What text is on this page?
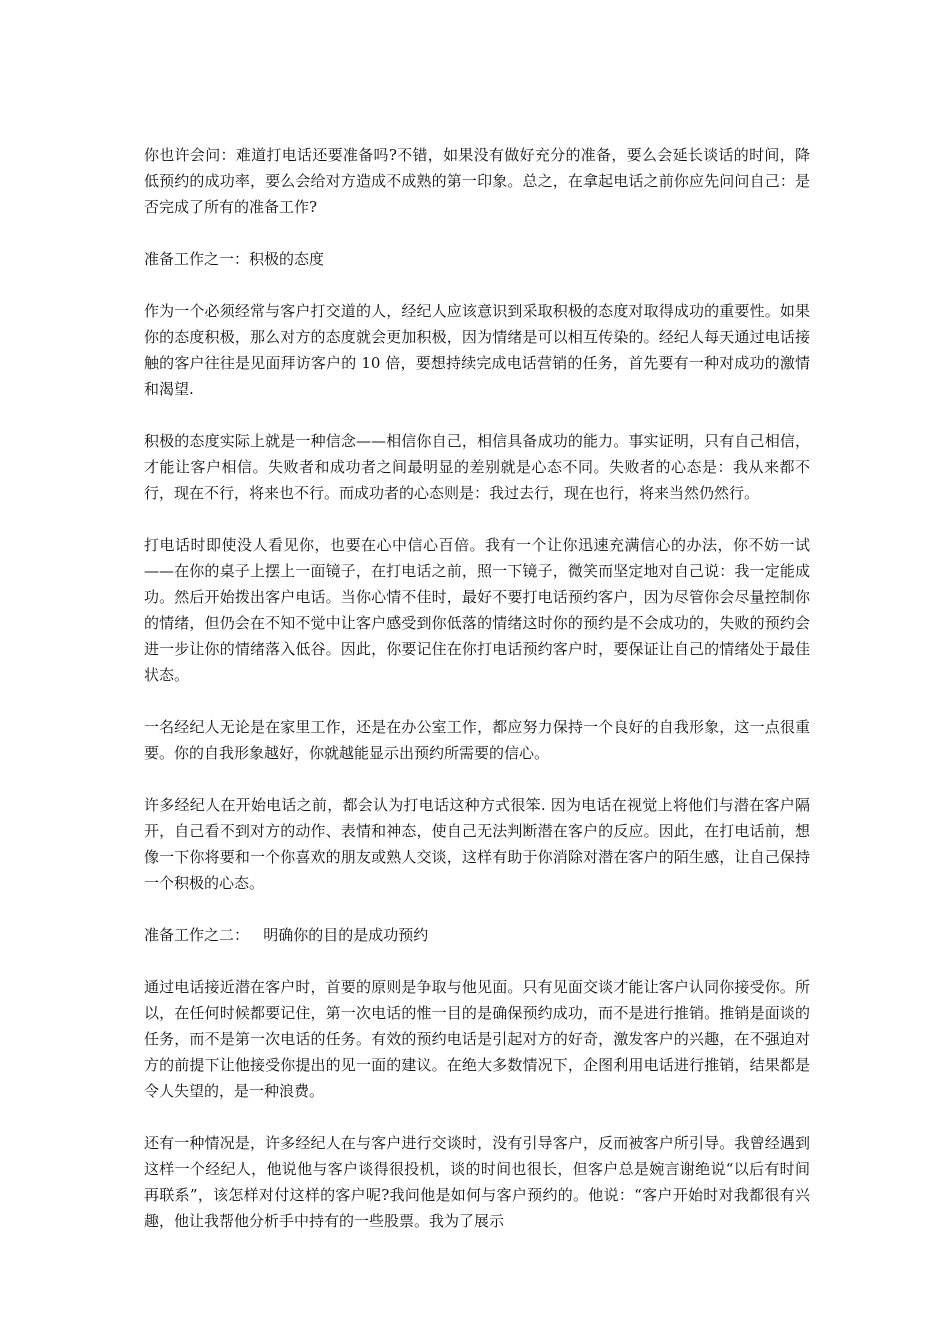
你也许会问：难道打电话还要准备吗?不错，如果没有做好充分的准备，要么会延长谈话的时间，降低预约的成功率，要么会给对方造成不成熟的第一印象。总之，在拿起电话之前你应先问问自己：是否完成了所有的准备工作?

准备工作之一：积极的态度

作为一个必须经常与客户打交道的人，经纪人应该意识到采取积极的态度对取得成功的重要性。如果你的态度积极，那么对方的态度就会更加积极，因为情绪是可以相互传染的。经纪人每天通过电话接触的客户往往是见面拜访客户的 10 倍，要想持续完成电话营销的任务，首先要有一种对成功的激情和渴望.

积极的态度实际上就是一种信念——相信你自己，相信具备成功的能力。事实证明，只有自己相信，才能让客户相信。失败者和成功者之间最明显的差别就是心态不同。失败者的心态是：我从来都不行，现在不行，将来也不行。而成功者的心态则是：我过去行，现在也行，将来当然仍然行。

打电话时即使没人看见你，也要在心中信心百倍。我有一个让你迅速充满信心的办法，你不妨一试——在你的桌子上摆上一面镜子，在打电话之前，照一下镜子，微笑而坚定地对自己说：我一定能成功。然后开始拨出客户电话。当你心情不佳时，最好不要打电话预约客户，因为尽管你会尽量控制你的情绪，但仍会在不知不觉中让客户感受到你低落的情绪这时你的预约是不会成功的，失败的预约会进一步让你的情绪落入低谷。因此，你要记住在你打电话预约客户时，要保证让自己的情绪处于最佳状态。

一名经纪人无论是在家里工作，还是在办公室工作，都应努力保持一个良好的自我形象，这一点很重要。你的自我形象越好，你就越能显示出预约所需要的信心。

许多经纪人在开始电话之前，都会认为打电话这种方式很笨. 因为电话在视觉上将他们与潜在客户隔开，自己看不到对方的动作、表情和神态，使自己无法判断潜在客户的反应。因此，在打电话前，想像一下你将要和一个你喜欢的朋友或熟人交谈，这样有助于你消除对潜在客户的陌生感，让自己保持一个积极的心态。

准备工作之二：   明确你的目的是成功预约

通过电话接近潜在客户时，首要的原则是争取与他见面。只有见面交谈才能让客户认同你接受你。所以，在任何时候都要记住，第一次电话的惟一目的是确保预约成功，而不是进行推销。推销是面谈的任务，而不是第一次电话的任务。有效的预约电话是引起对方的好奇，激发客户的兴趣，在不强迫对方的前提下让他接受你提出的见一面的建议。在绝大多数情况下，企图利用电话进行推销，结果都是令人失望的，是一种浪费。

还有一种情况是，许多经纪人在与客户进行交谈时，没有引导客户，反而被客户所引导。我曾经遇到这样一个经纪人，他说他与客户谈得很投机，谈的时间也很长，但客户总是婉言谢绝说“以后有时间再联系”，该怎样对付这样的客户呢?我问他是如何与客户预约的。他说：“客户开始时对我都很有兴趣，他让我帮他分析手中持有的一些股票。我为了展示
